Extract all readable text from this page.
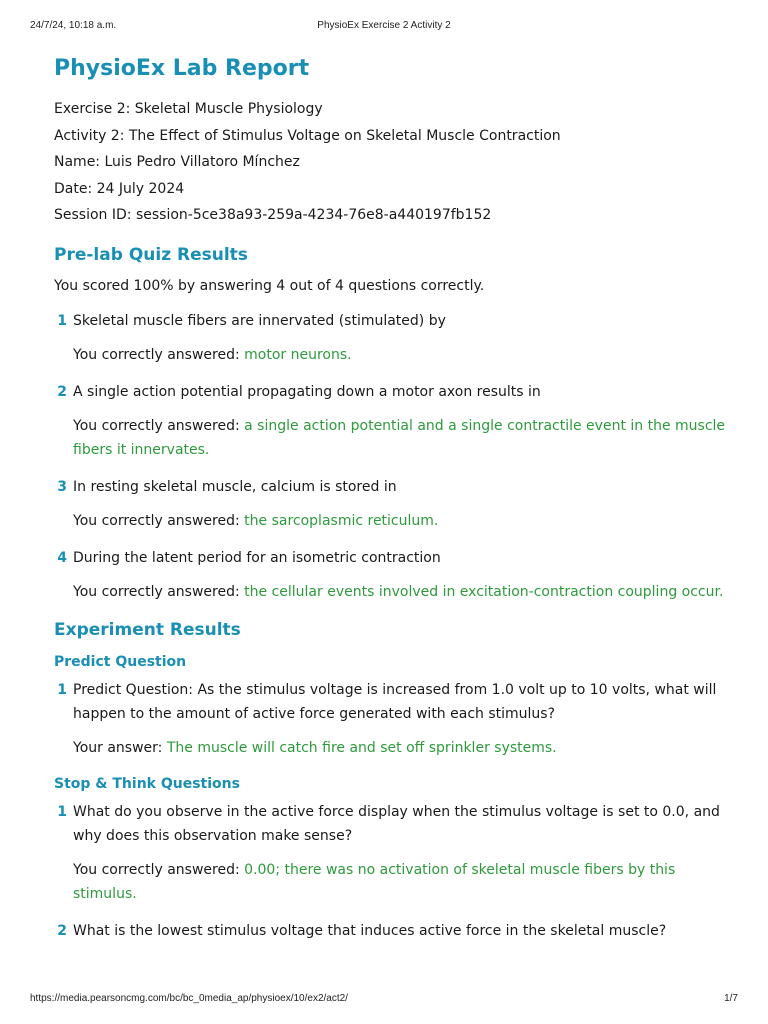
24/7/24, 10:18 a.m.	PhysioEx Exercise 2 Activity 2
PhysioEx Lab Report
Exercise 2: Skeletal Muscle Physiology
Activity 2: The Effect of Stimulus Voltage on Skeletal Muscle Contraction
Name: Luis Pedro Villatoro Mínchez
Date: 24 July 2024
Session ID: session-5ce38a93-259a-4234-76e8-a440197fb152
Pre-lab Quiz Results
You scored 100% by answering 4 out of 4 questions correctly.
1 Skeletal muscle fibers are innervated (stimulated) by
You correctly answered: motor neurons.
2 A single action potential propagating down a motor axon results in
You correctly answered: a single action potential and a single contractile event in the muscle fibers it innervates.
3 In resting skeletal muscle, calcium is stored in
You correctly answered: the sarcoplasmic reticulum.
4 During the latent period for an isometric contraction
You correctly answered: the cellular events involved in excitation-contraction coupling occur.
Experiment Results
Predict Question
1 Predict Question: As the stimulus voltage is increased from 1.0 volt up to 10 volts, what will happen to the amount of active force generated with each stimulus?
Your answer: The muscle will catch fire and set off sprinkler systems.
Stop & Think Questions
1 What do you observe in the active force display when the stimulus voltage is set to 0.0, and why does this observation make sense?
You correctly answered: 0.00; there was no activation of skeletal muscle fibers by this stimulus.
2 What is the lowest stimulus voltage that induces active force in the skeletal muscle?
https://media.pearsoncmg.com/bc/bc_0media_ap/physioex/10/ex2/act2/	1/7
